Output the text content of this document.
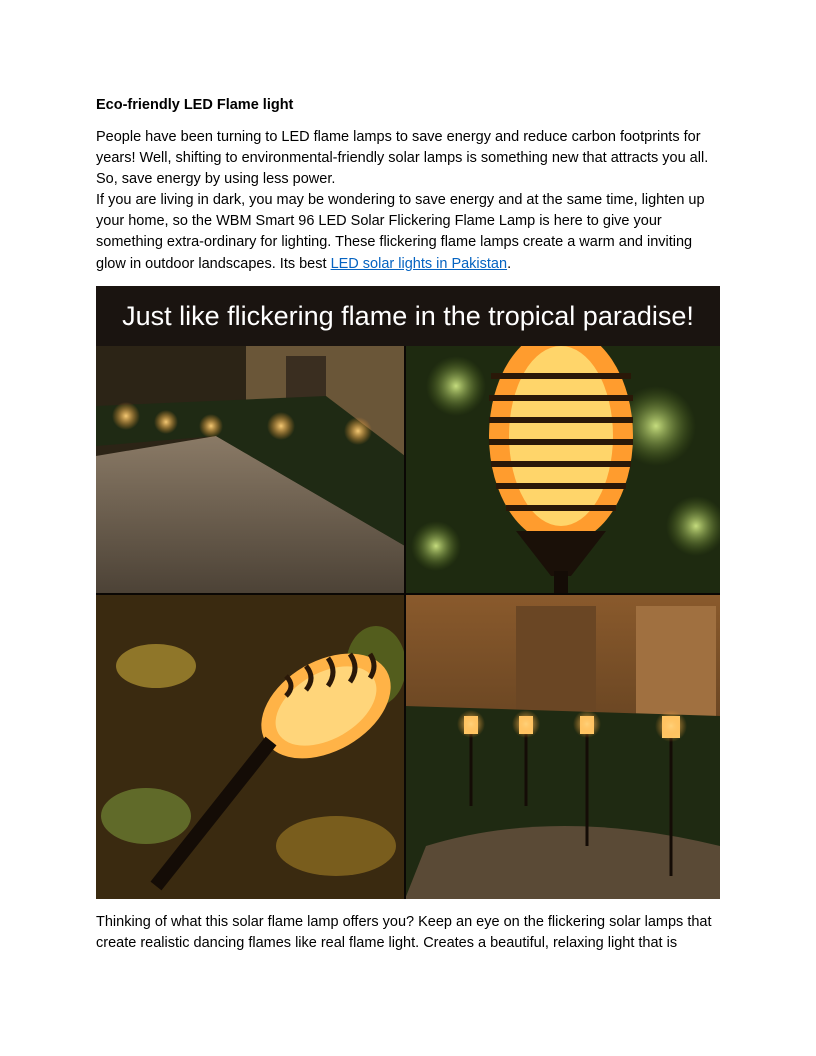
Eco-friendly LED Flame light

People have been turning to LED flame lamps to save energy and reduce carbon footprints for years! Well, shifting to environmental-friendly solar lamps is something new that attracts you all. So, save energy by using less power.

If you are living in dark, you may be wondering to save energy and at the same time, lighten up your home, so the WBM Smart 96 LED Solar Flickering Flame Lamp is here to give your something extra-ordinary for lighting. These flickering flame lamps create a warm and inviting glow in outdoor landscapes. Its best LED solar lights in Pakistan.

Just like flickering flame in the tropical paradise!

Thinking of what this solar flame lamp offers you? Keep an eye on the flickering solar lamps that create realistic dancing flames like real flame light. Creates a beautiful, relaxing light that is
